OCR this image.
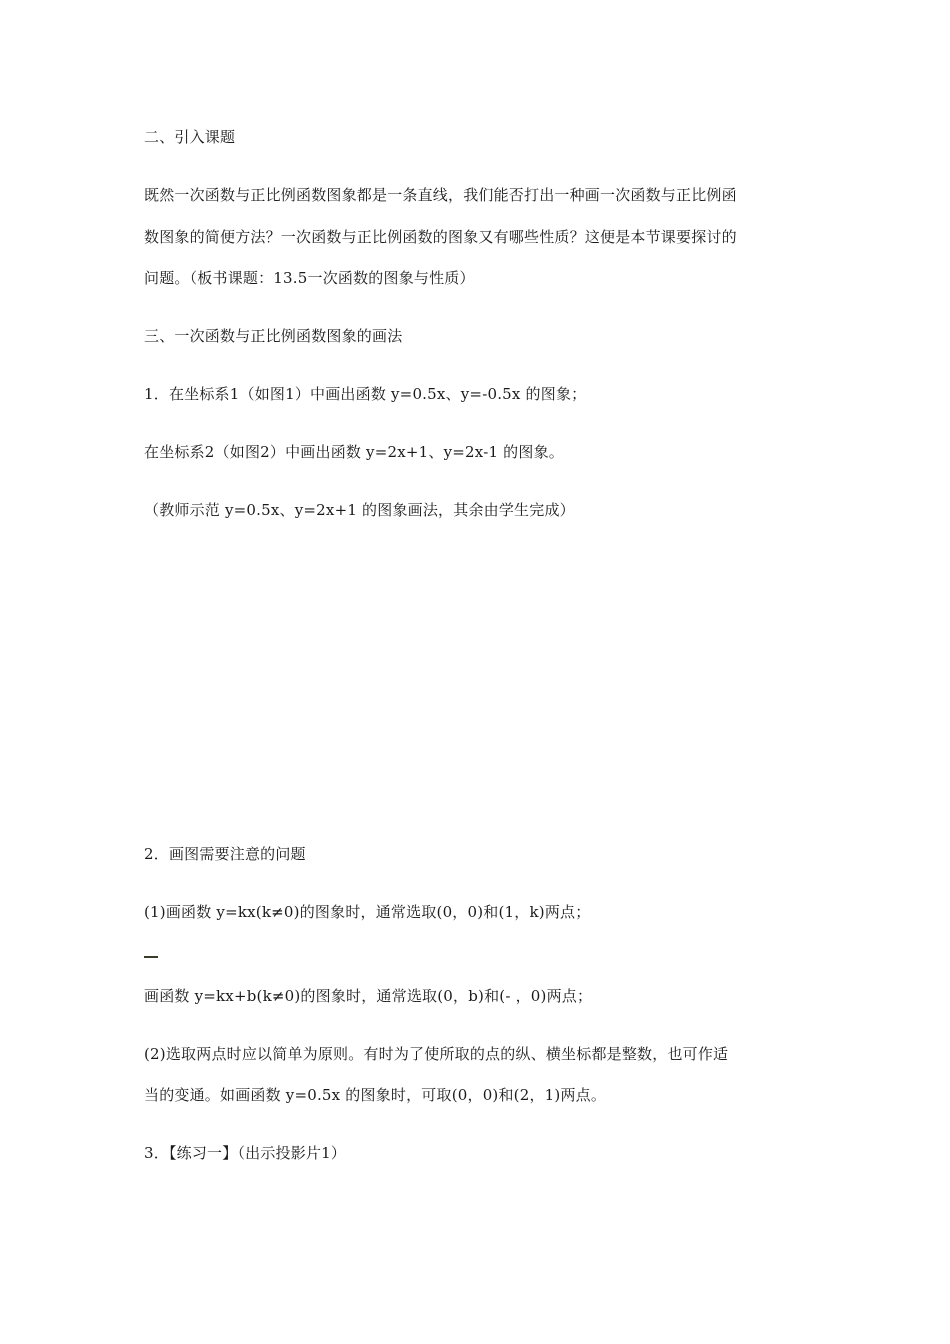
二、引入课题
既然一次函数与正比例函数图象都是一条直线，我们能否打出一种画一次函数与正比例函
数图象的简便方法？一次函数与正比例函数的图象又有哪些性质？这便是本节课要探讨的
问题。（板书课题：13.5一次函数的图象与性质）
三、一次函数与正比例函数图象的画法
1．在坐标系1（如图1）中画出函数 y=0.5x、y=-0.5x 的图象；
在坐标系2（如图2）中画出函数 y=2x+1、y=2x-1 的图象。
（教师示范 y=0.5x、y=2x+1 的图象画法，其余由学生完成）
2．画图需要注意的问题
(1)画函数 y=kx(k≠0)的图象时，通常选取(0，0)和(1，k)两点；
画函数 y=kx+b(k≠0)的图象时，通常选取(0，b)和(- ，0)两点；
(2)选取两点时应以简单为原则。有时为了使所取的点的纵、横坐标都是整数，也可作适
当的变通。如画函数 y=0.5x 的图象时，可取(0，0)和(2，1)两点。
3．【练习一】（出示投影片1）
